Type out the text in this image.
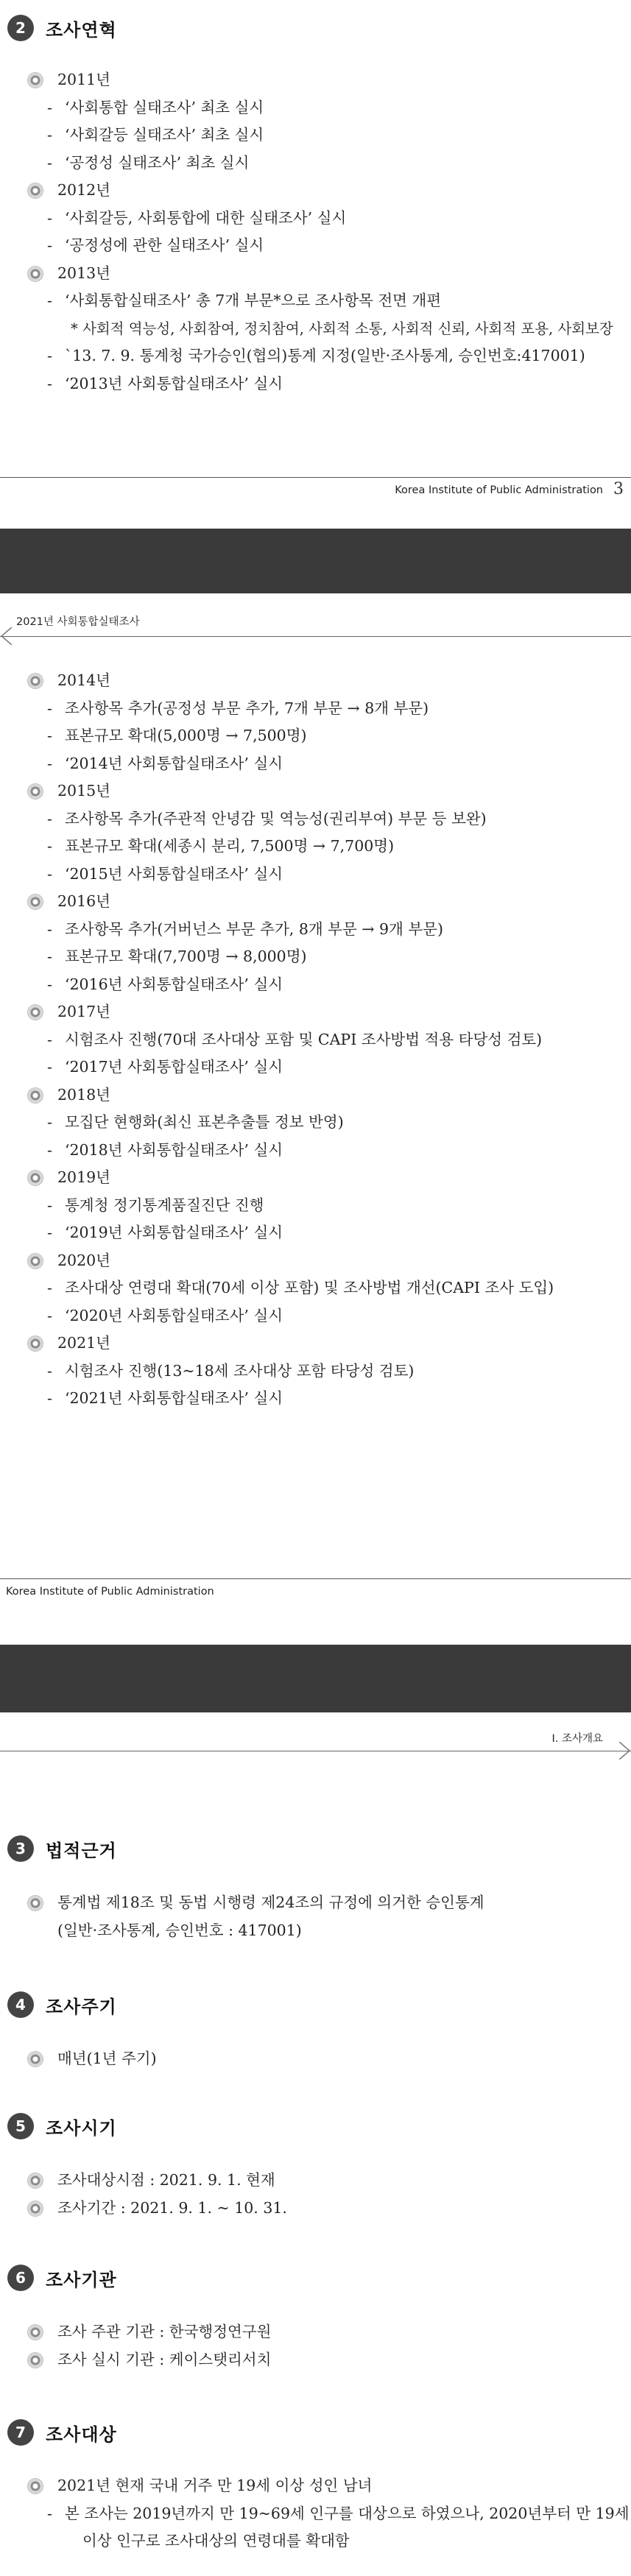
2	조사연혁
2011년
- ‘사회통합 실태조사’ 최초 실시
- ‘사회갈등 실태조사’ 최초 실시
- ‘공정성 실태조사’ 최초 실시
2012년
- ‘사회갈등, 사회통합에 대한 실태조사’ 실시
- ‘공정성에 관한 실태조사’ 실시
2013년
- ‘사회통합실태조사’ 총 7개 부문*으로 조사항목 전면 개편
* 사회적 역능성, 사회참여, 정치참여, 사회적 소통, 사회적 신뢰, 사회적 포용, 사회보장
- `13. 7. 9. 통계청 국가승인(협의)통계 지정(일반·조사통계, 승인번호:417001)
- ‘2013년 사회통합실태조사’ 실시
Korea Institute of Public Administration 3
2021년 사회통합실태조사
2014년
- 조사항목 추가(공정성 부문 추가, 7개 부문 → 8개 부문)
- 표본규모 확대(5,000명 → 7,500명)
- ‘2014년 사회통합실태조사’ 실시
2015년
- 조사항목 추가(주관적 안녕감 및 역능성(권리부여) 부문 등 보완)
- 표본규모 확대(세종시 분리, 7,500명 → 7,700명)
- ‘2015년 사회통합실태조사’ 실시
2016년
- 조사항목 추가(거버넌스 부문 추가, 8개 부문 → 9개 부문)
- 표본규모 확대(7,700명 → 8,000명)
- ‘2016년 사회통합실태조사’ 실시
2017년
- 시험조사 진행(70대 조사대상 포함 및 CAPI 조사방법 적용 타당성 검토)
- ‘2017년 사회통합실태조사’ 실시
2018년
- 모집단 현행화(최신 표본추출틀 정보 반영)
- ‘2018년 사회통합실태조사’ 실시
2019년
- 통계청 정기통계품질진단 진행
- ‘2019년 사회통합실태조사’ 실시
2020년
- 조사대상 연령대 확대(70세 이상 포함) 및 조사방법 개선(CAPI 조사 도입)
- ‘2020년 사회통합실태조사’ 실시
2021년
- 시험조사 진행(13~18세 조사대상 포함 타당성 검토)
- ‘2021년 사회통합실태조사’ 실시
Korea Institute of Public Administration
Ⅰ. 조사개요
3	법적근거
통계법 제18조 및 동법 시행령 제24조의 규정에 의거한 승인통계
(일반·조사통계, 승인번호 : 417001)
4	조사주기
매년(1년 주기)
5	조사시기
조사대상시점 : 2021. 9. 1. 현재
조사기간 : 2021. 9. 1. ~ 10. 31.
6	조사기관
조사 주관 기관 : 한국행정연구원
조사 실시 기관 : 케이스탯리서치
7	조사대상
2021년 현재 국내 거주 만 19세 이상 성인 남녀
- 본 조사는 2019년까지 만 19~69세 인구를 대상으로 하였으나, 2020년부터 만 19세
이상 인구로 조사대상의 연령대를 확대함
